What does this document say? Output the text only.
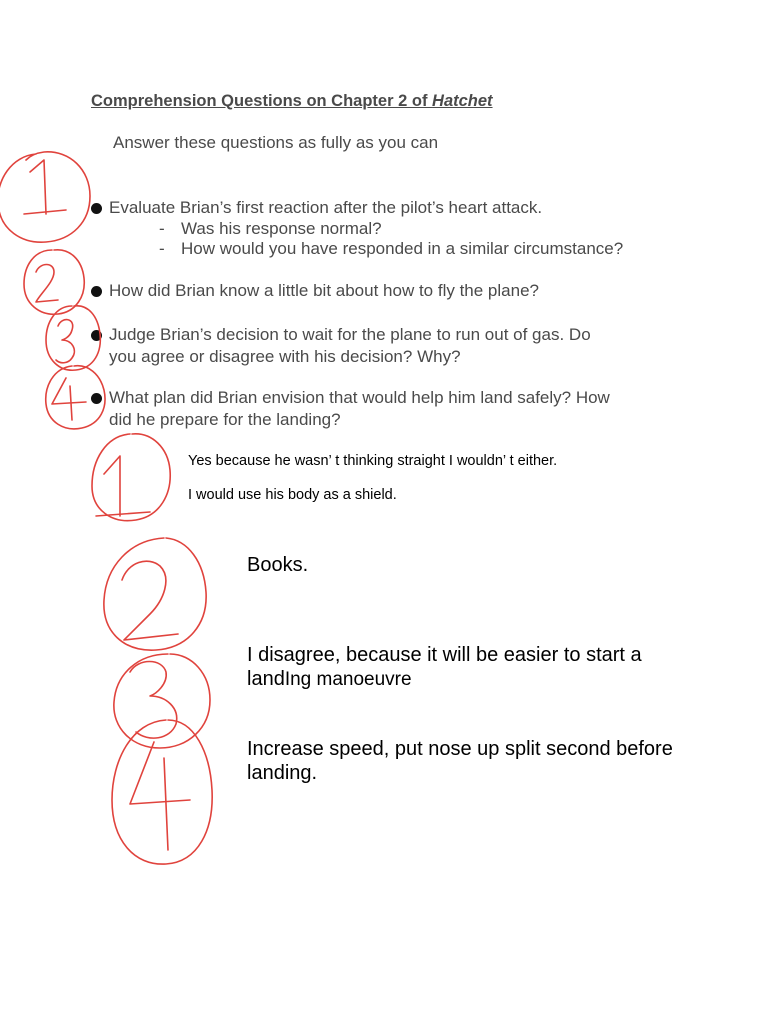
Comprehension Questions on Chapter 2 of Hatchet
Answer these questions as fully as you can
Evaluate Brian’s first reaction after the pilot’s heart attack.
- Was his response normal?
- How would you have responded in a similar circumstance?
How did Brian know a little bit about how to fly the plane?
Judge Brian’s decision to wait for the plane to run out of gas. Do
you agree or disagree with his decision? Why?
What plan did Brian envision that would help him land safely? How
did he prepare for the landing?
Yes because he wasn’ t thinking straight I wouldn’ t either.
I would use his body as a shield.
Books.
I disagree, because it will be easier to start a
landIng manoeuvre
Increase speed, put nose up split second before
landing.
